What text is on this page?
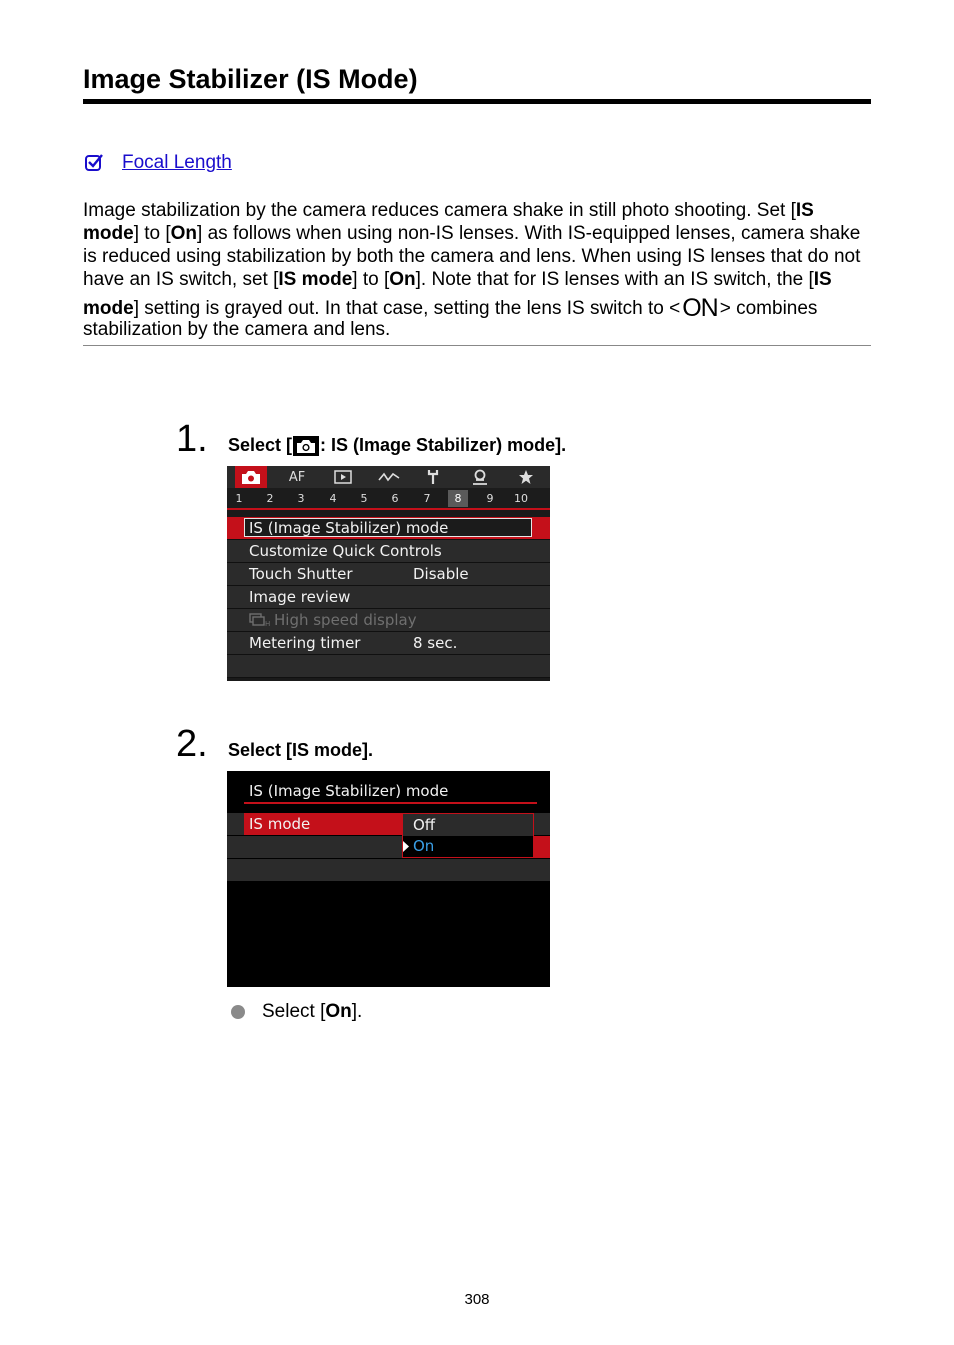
Image Stabilizer (IS Mode)
Focal Length
Image stabilization by the camera reduces camera shake in still photo shooting. Set [IS
mode] to [On] as follows when using non-IS lenses. With IS-equipped lenses, camera shake
is reduced using stabilization by both the camera and lens. When using IS lenses that do not
have an IS switch, set [IS mode] to [On]. Note that for IS lenses with an IS switch, the [IS
mode] setting is grayed out. In that case, setting the lens IS switch to <ON > combines
stabilization by the camera and lens.
1. Select [ : IS (Image Stabilizer) mode].
AF
1	2	3	4	5	6	7	8	9	10
IS (Image Stabilizer) mode
Customize Quick Controls
Touch Shutter	Disable
Image review
H High speed display
Metering timer	8 sec.
2. Select [IS mode].
IS (Image Stabilizer) mode
IS mode	Off
On
Select [On].
308
